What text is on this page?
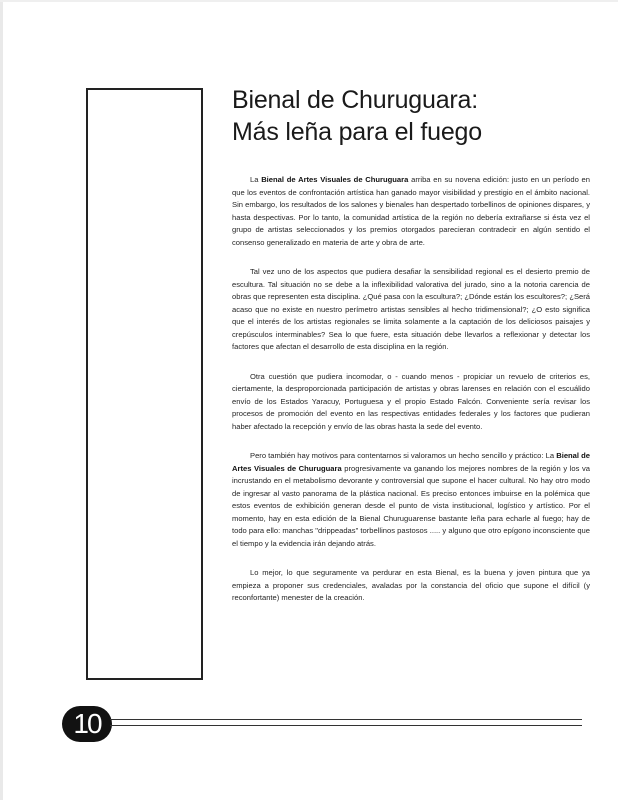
Bienal de Churuguara:
Más leña para el fuego

La Bienal de Artes Visuales de Churuguara arriba en su novena edición: justo en un período en que los eventos de confrontación artística han ganado mayor visibilidad y prestigio en el ámbito nacional. Sin embargo, los resultados de los salones y bienales han despertado torbellinos de opiniones dispares, y hasta despectivas. Por lo tanto, la comunidad artística de la región no debería extrañarse si ésta vez el grupo de artistas seleccionados y los premios otorgados parecieran contradecir en algún sentido el consenso generalizado en materia de arte y obra de arte.

Tal vez uno de los aspectos que pudiera desafiar la sensibilidad regional es el desierto premio de escultura. Tal situación no se debe a la inflexibilidad valorativa del jurado, sino a la notoria carencia de obras que representen esta disciplina. ¿Qué pasa con la escultura?; ¿Dónde están los escultores?; ¿Será acaso que no existe en nuestro perímetro artistas sensibles al hecho tridimensional?; ¿O esto significa que el interés de los artistas regionales se limita solamente a la captación de los deliciosos paisajes y crepúsculos interminables? Sea lo que fuere, esta situación debe llevarlos a reflexionar y detectar los factores que afectan el desarrollo de esta disciplina en la región.

Otra cuestión que pudiera incomodar, o - cuando menos - propiciar un revuelo de criterios es, ciertamente, la desproporcionada participación de artistas y obras larenses en relación con el escuálido envío de los Estados Yaracuy, Portuguesa y el propio Estado Falcón. Conveniente sería revisar los procesos de promoción del evento en las respectivas entidades federales y los factores que pudieran haber afectado la recepción y envío de las obras hasta la sede del evento.

Pero también hay motivos para contentarnos si valoramos un hecho sencillo y práctico: La Bienal de Artes Visuales de Churuguara progresivamente va ganando los mejores nombres de la región y los va incrustando en el metabolismo devorante y controversial que supone el hacer cultural. No hay otro modo de ingresar al vasto panorama de la plástica nacional. Es preciso entonces imbuirse en la polémica que estos eventos de exhibición generan desde el punto de vista institucional, logístico y artístico. Por el momento, hay en esta edición de la Bienal Churuguarense bastante leña para echarle al fuego; hay de todo para ello: manchas "drippeadas" torbellinos pastosos ..... y alguno que otro epígono inconsciente que el tiempo y la evidencia irán dejando atrás.

Lo mejor, lo que seguramente va perdurar en esta Bienal, es la buena y joven pintura que ya empieza a proponer sus credenciales, avaladas por la constancia del oficio que supone el difícil (y reconfortante) menester de la creación.

10
